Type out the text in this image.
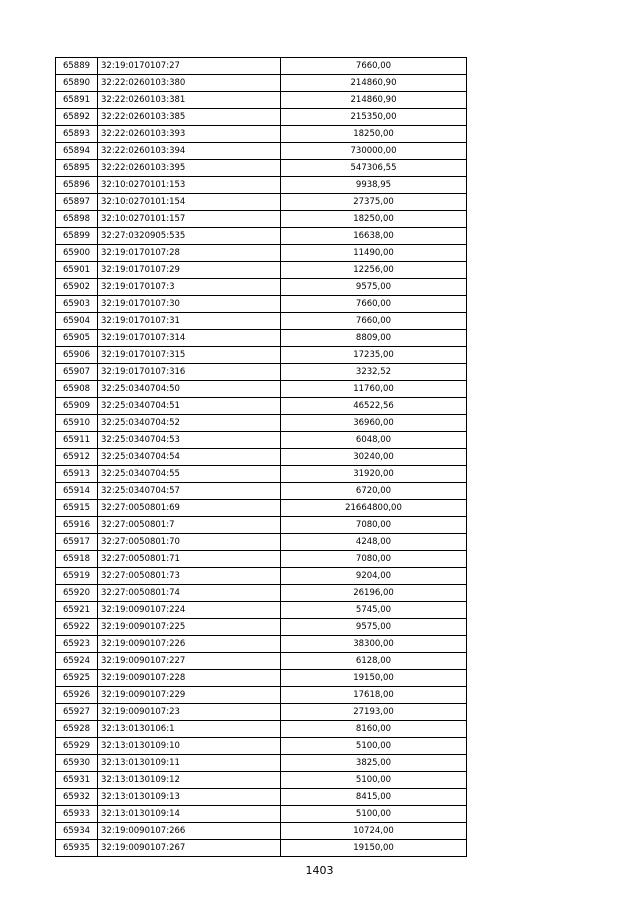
65889	32:19:0170107:27	7660,00
65890	32:22:0260103:380	214860,90
65891	32:22:0260103:381	214860,90
65892	32:22:0260103:385	215350,00
65893	32:22:0260103:393	18250,00
65894	32:22:0260103:394	730000,00
65895	32:22:0260103:395	547306,55
65896	32:10:0270101:153	9938,95
65897	32:10:0270101:154	27375,00
65898	32:10:0270101:157	18250,00
65899	32:27:0320905:535	16638,00
65900	32:19:0170107:28	11490,00
65901	32:19:0170107:29	12256,00
65902	32:19:0170107:3	9575,00
65903	32:19:0170107:30	7660,00
65904	32:19:0170107:31	7660,00
65905	32:19:0170107:314	8809,00
65906	32:19:0170107:315	17235,00
65907	32:19:0170107:316	3232,52
65908	32:25:0340704:50	11760,00
65909	32:25:0340704:51	46522,56
65910	32:25:0340704:52	36960,00
65911	32:25:0340704:53	6048,00
65912	32:25:0340704:54	30240,00
65913	32:25:0340704:55	31920,00
65914	32:25:0340704:57	6720,00
65915	32:27:0050801:69	21664800,00
65916	32:27:0050801:7	7080,00
65917	32:27:0050801:70	4248,00
65918	32:27:0050801:71	7080,00
65919	32:27:0050801:73	9204,00
65920	32:27:0050801:74	26196,00
65921	32:19:0090107:224	5745,00
65922	32:19:0090107:225	9575,00
65923	32:19:0090107:226	38300,00
65924	32:19:0090107:227	6128,00
65925	32:19:0090107:228	19150,00
65926	32:19:0090107:229	17618,00
65927	32:19:0090107:23	27193,00
65928	32:13:0130106:1	8160,00
65929	32:13:0130109:10	5100,00
65930	32:13:0130109:11	3825,00
65931	32:13:0130109:12	5100,00
65932	32:13:0130109:13	8415,00
65933	32:13:0130109:14	5100,00
65934	32:19:0090107:266	10724,00
65935	32:19:0090107:267	19150,00
1403
